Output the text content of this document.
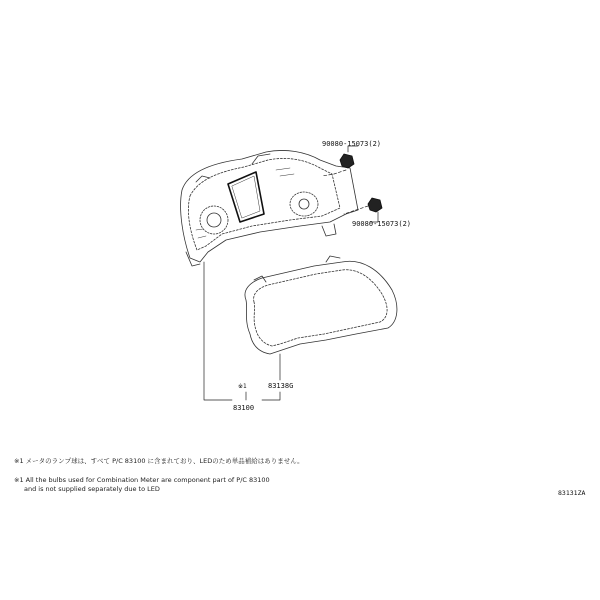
90080-15073(2)
90080-15073(2)
83138G
※1
83100
※1 メータのランプ球は、すべて P/C 83100 に含まれており、LEDのため単品補給はありません。
※1 All the bulbs used for Combination Meter are component part of P/C 83100
and is not supplied separately due to LED	83131ZA
